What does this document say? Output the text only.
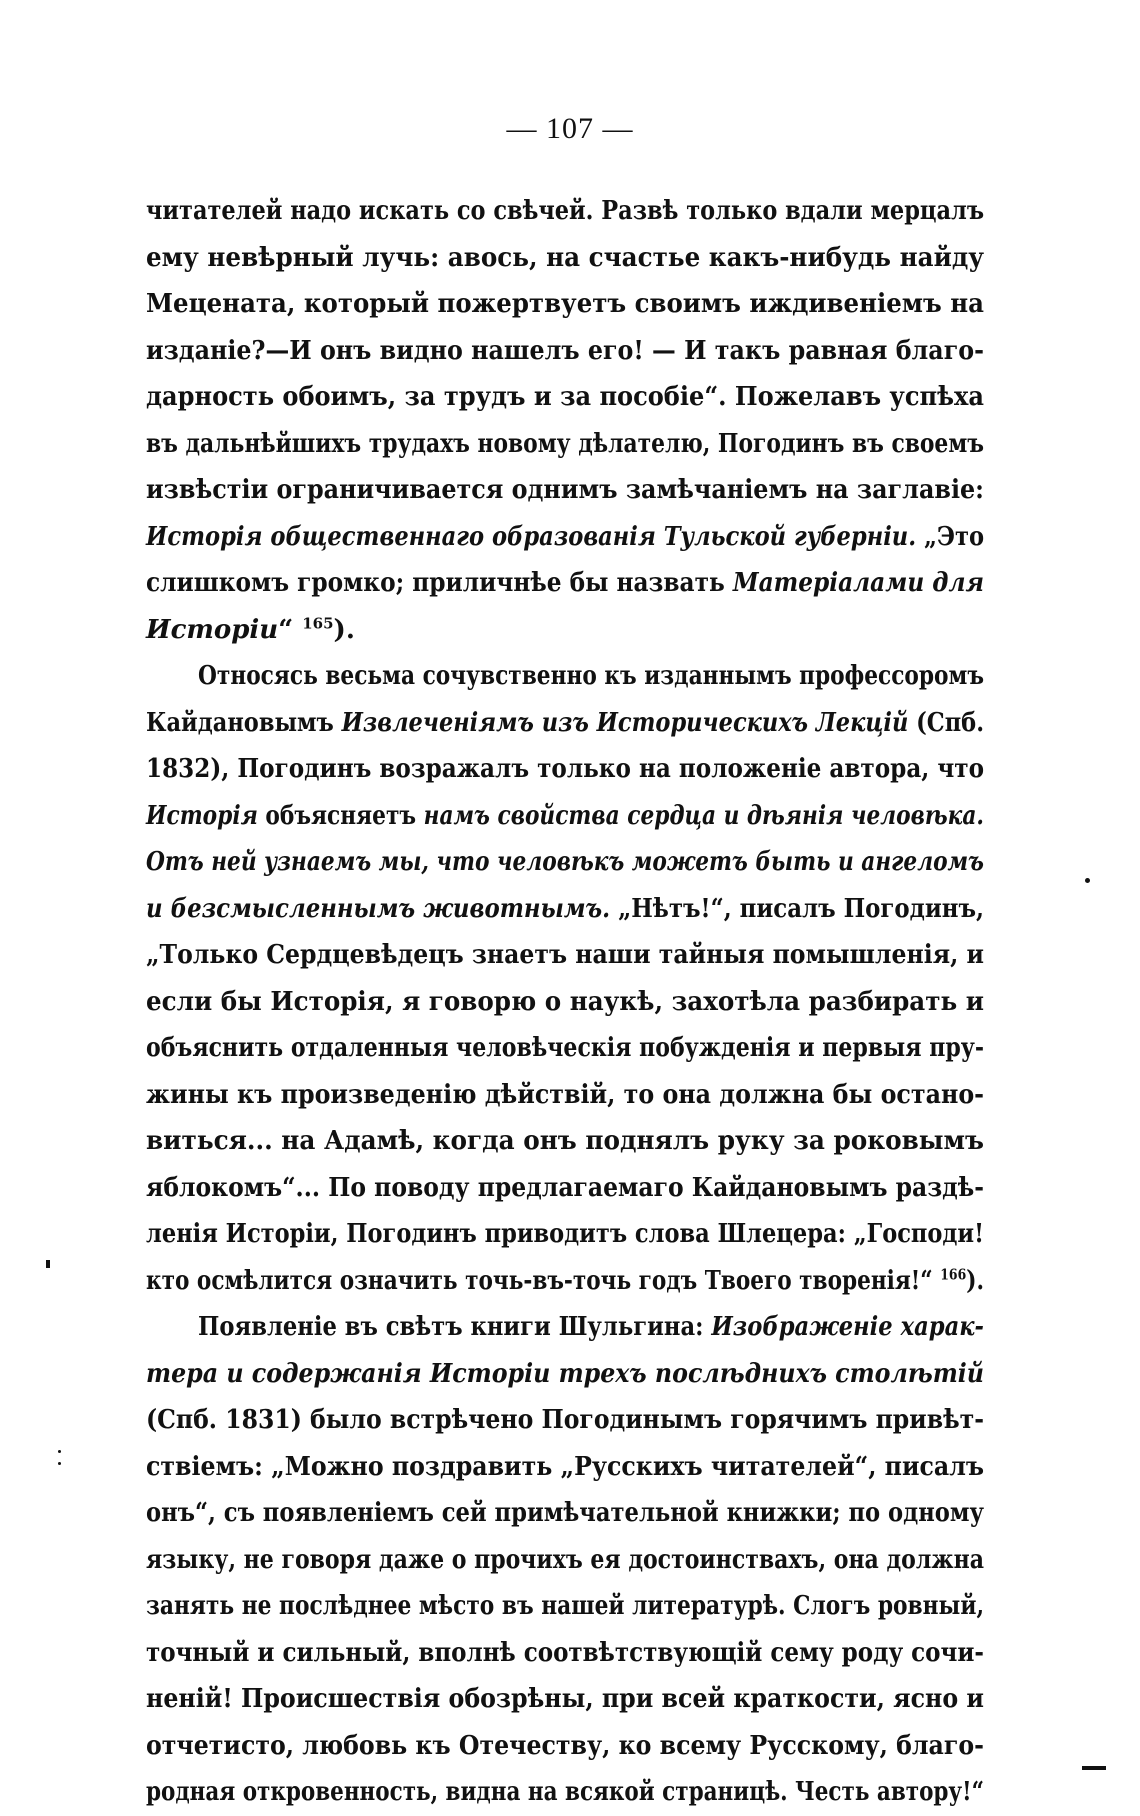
— 107 —
читателей надо искать со свѣчей. Развѣ только вдали мерцалъ
ему невѣрный лучь: авось, на счастье какъ-нибудь найду
Мецената, который пожертвуетъ своимъ иждивеніемъ на
изданіе?—И онъ видно нашелъ его! — И такъ равная благо-
дарность обоимъ, за трудъ и за пособіе“. Пожелавъ успѣха
въ дальнѣйшихъ трудахъ новому дѣлателю, Погодинъ въ своемъ
извѣстіи ограничивается однимъ замѣчаніемъ на заглавіе:
Исторія общественнаго образованія Тульской губерніи. „Это
слишкомъ громко; приличнѣе бы назвать Матеріалами для
Исторіи“ $^{165}$).
Относясь весьма сочувственно къ изданнымъ профессоромъ
Кайдановымъ Извлеченіямъ изъ Историческихъ Лекцій (Спб.
1832), Погодинъ возражалъ только на положеніе автора, что
Исторія объясняетъ намъ свойства сердца и дѣянія человѣка.
Отъ ней узнаемъ мы, что человѣкъ можетъ быть и ангеломъ
и безсмысленнымъ животнымъ. „Нѣтъ!“, писалъ Погодинъ,
„Только Сердцевѣдецъ знаетъ наши тайныя помышленія, и
если бы Исторія, я говорю о наукѣ, захотѣла разбирать и
объяснить отдаленныя человѣческія побужденія и первыя пру-
жины къ произведенію дѣйствій, то она должна бы остано-
виться... на Адамѣ, когда онъ поднялъ руку за роковымъ
яблокомъ“... По поводу предлагаемаго Кайдановымъ раздѣ-
ленія Исторіи, Погодинъ приводитъ слова Шлецера: „Господи!
кто осмѣлится означить точь-въ-точь годъ Твоего творенія!“ $^{166}$).
Появленіе въ свѣтъ книги Шульгина: Изображеніе харак-
тера и содержанія Исторіи трехъ послѣднихъ столѣтій
(Спб. 1831) было встрѣчено Погодинымъ горячимъ привѣт-
ствіемъ: „Можно поздравить „Русскихъ читателей“, писалъ
онъ“, съ появленіемъ сей примѣчательной книжки; по одному
языку, не говоря даже о прочихъ ея достоинствахъ, она должна
занять не послѣднее мѣсто въ нашей литературѣ. Слогъ ровный,
точный и сильный, вполнѣ соотвѣтствующій сему роду сочи-
неній! Происшествія обозрѣны, при всей краткости, ясно и
отчетисто, любовь къ Отечеству, ко всему Русскому, благо-
родная откровенность, видна на всякой страницѣ. Честь автору!“
